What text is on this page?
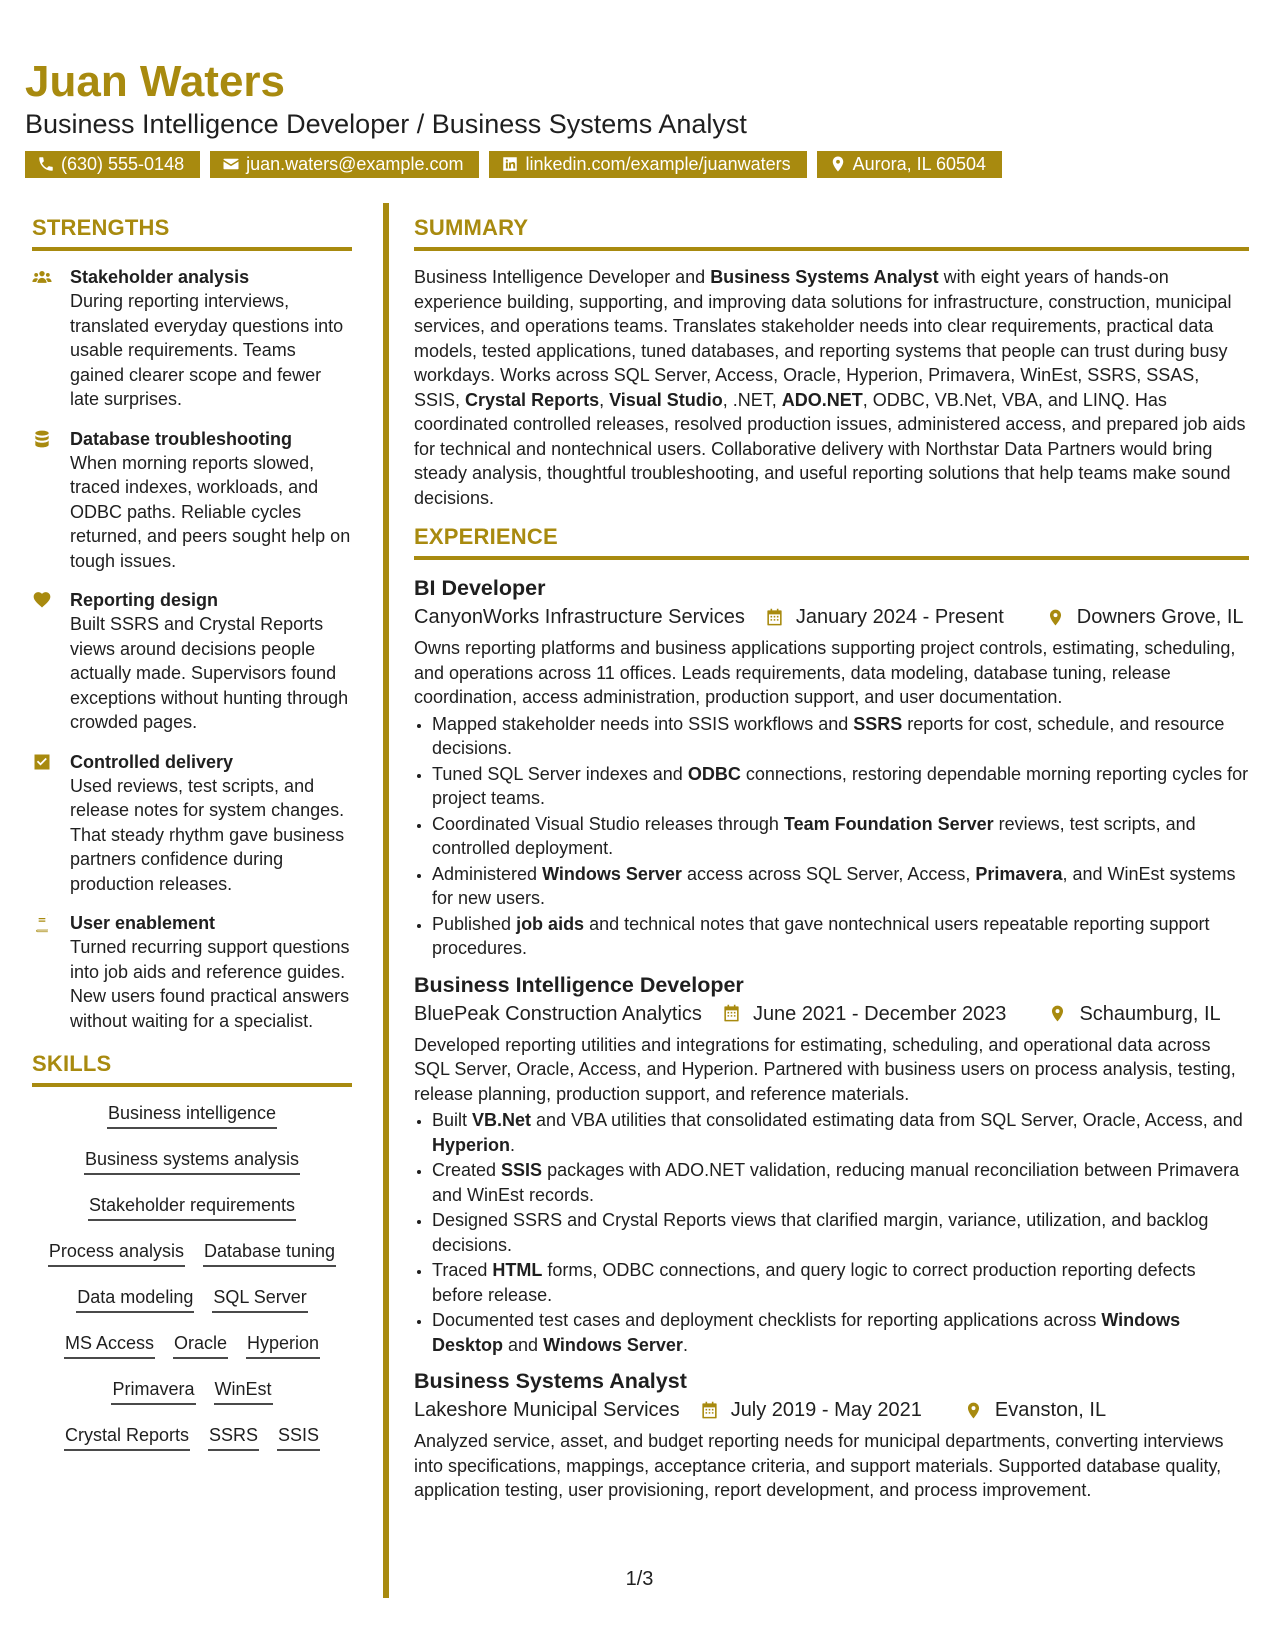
Juan Waters
Business Intelligence Developer / Business Systems Analyst
(630) 555-0148	juan.waters@example.com	linkedin.com/example/juanwaters	Aurora, IL 60504
STRENGTHS
Stakeholder analysis
During reporting interviews, translated everyday questions into usable requirements. Teams gained clearer scope and fewer late surprises.
Database troubleshooting
When morning reports slowed, traced indexes, workloads, and ODBC paths. Reliable cycles returned, and peers sought help on tough issues.
Reporting design
Built SSRS and Crystal Reports views around decisions people actually made. Supervisors found exceptions without hunting through crowded pages.
Controlled delivery
Used reviews, test scripts, and release notes for system changes. That steady rhythm gave business partners confidence during production releases.
User enablement
Turned recurring support questions into job aids and reference guides. New users found practical answers without waiting for a specialist.
SKILLS
Business intelligence
Business systems analysis
Stakeholder requirements
Process analysis Database tuning
Data modeling SQL Server
MS Access Oracle Hyperion
Primavera WinEst
Crystal Reports SSRS SSIS
SUMMARY

Business Intelligence Developer and Business Systems Analyst with eight years of hands-on experience building, supporting, and improving data solutions for infrastructure, construction, municipal services, and operations teams. Translates stakeholder needs into clear requirements, practical data models, tested applications, tuned databases, and reporting systems that people can trust during busy workdays. Works across SQL Server, Access, Oracle, Hyperion, Primavera, WinEst, SSRS, SSAS, SSIS, Crystal Reports, Visual Studio, .NET, ADO.NET, ODBC, VB.Net, VBA, and LINQ. Has coordinated controlled releases, resolved production issues, administered access, and prepared job aids for technical and nontechnical users. Collaborative delivery with Northstar Data Partners would bring steady analysis, thoughtful troubleshooting, and useful reporting solutions that help teams make sound decisions.

EXPERIENCE
BI Developer
CanyonWorks Infrastructure Services	January 2024 - Present	Downers Grove, IL
Owns reporting platforms and business applications supporting project controls, estimating, scheduling, and operations across 11 offices. Leads requirements, data modeling, database tuning, release coordination, access administration, production support, and user documentation.
• Mapped stakeholder needs into SSIS workflows and SSRS reports for cost, schedule, and resource decisions.
• Tuned SQL Server indexes and ODBC connections, restoring dependable morning reporting cycles for project teams.
• Coordinated Visual Studio releases through Team Foundation Server reviews, test scripts, and controlled deployment.
• Administered Windows Server access across SQL Server, Access, Primavera, and WinEst systems for new users.
• Published job aids and technical notes that gave nontechnical users repeatable reporting support procedures.
Business Intelligence Developer
BluePeak Construction Analytics	June 2021 - December 2023	Schaumburg, IL
Developed reporting utilities and integrations for estimating, scheduling, and operational data across SQL Server, Oracle, Access, and Hyperion. Partnered with business users on process analysis, testing, release planning, production support, and reference materials.
• Built VB.Net and VBA utilities that consolidated estimating data from SQL Server, Oracle, Access, and Hyperion.
• Created SSIS packages with ADO.NET validation, reducing manual reconciliation between Primavera and WinEst records.
• Designed SSRS and Crystal Reports views that clarified margin, variance, utilization, and backlog decisions.
• Traced HTML forms, ODBC connections, and query logic to correct production reporting defects before release.
• Documented test cases and deployment checklists for reporting applications across Windows Desktop and Windows Server.
Business Systems Analyst
Lakeshore Municipal Services	July 2019 - May 2021	Evanston, IL
Analyzed service, asset, and budget reporting needs for municipal departments, converting interviews into specifications, mappings, acceptance criteria, and support materials. Supported database quality, application testing, user provisioning, report development, and process improvement.
1/3
